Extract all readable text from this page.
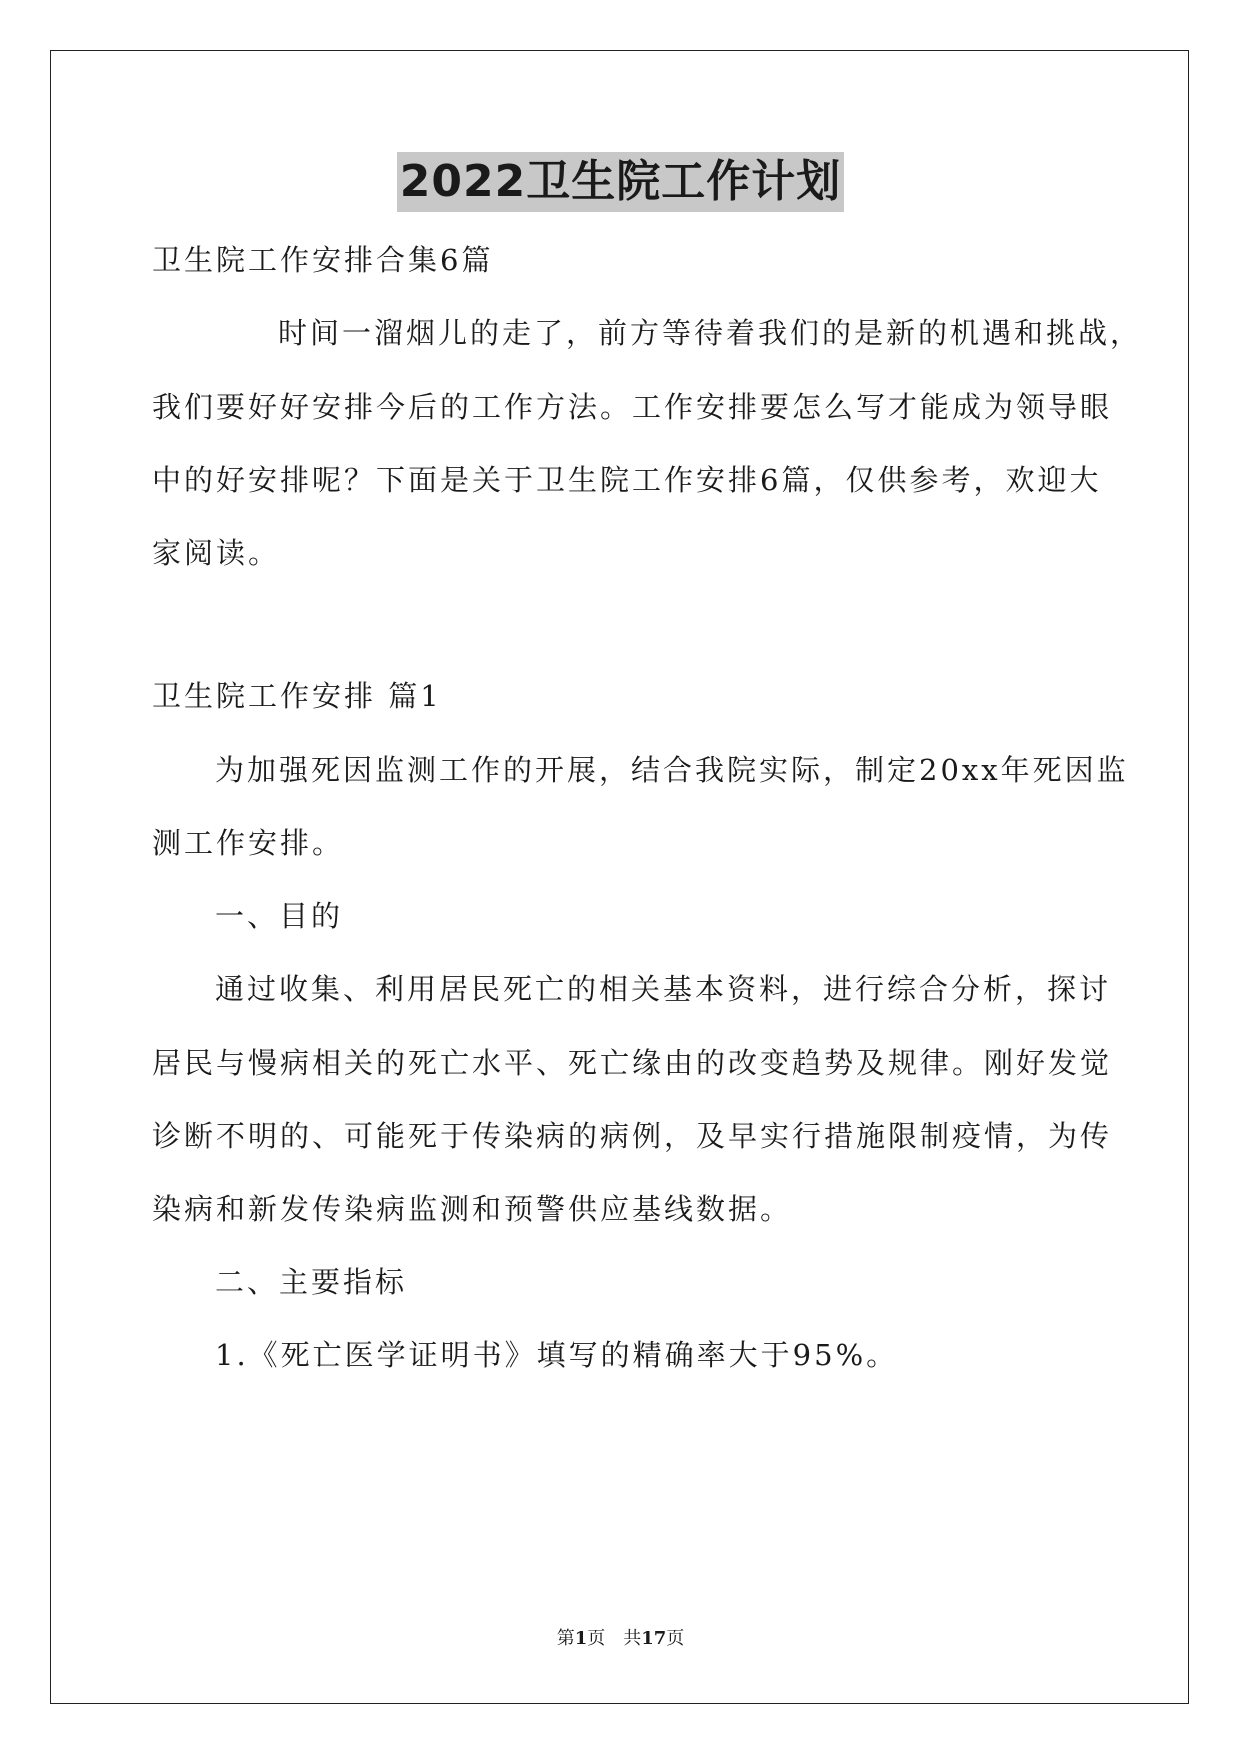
2022卫生院工作计划
卫生院工作安排合集6篇
时间一溜烟儿的走了，前方等待着我们的是新的机遇和挑战，
我们要好好安排今后的工作方法。工作安排要怎么写才能成为领导眼
中的好安排呢？下面是关于卫生院工作安排6篇，仅供参考，欢迎大
家阅读。
卫生院工作安排 篇1
为加强死因监测工作的开展，结合我院实际，制定20xx年死因监
测工作安排。
一、目的
通过收集、利用居民死亡的相关基本资料，进行综合分析，探讨
居民与慢病相关的死亡水平、死亡缘由的改变趋势及规律。刚好发觉
诊断不明的、可能死于传染病的病例，及早实行措施限制疫情，为传
染病和新发传染病监测和预警供应基线数据。
二、主要指标
1.《死亡医学证明书》填写的精确率大于95%。
第1页　共17页
